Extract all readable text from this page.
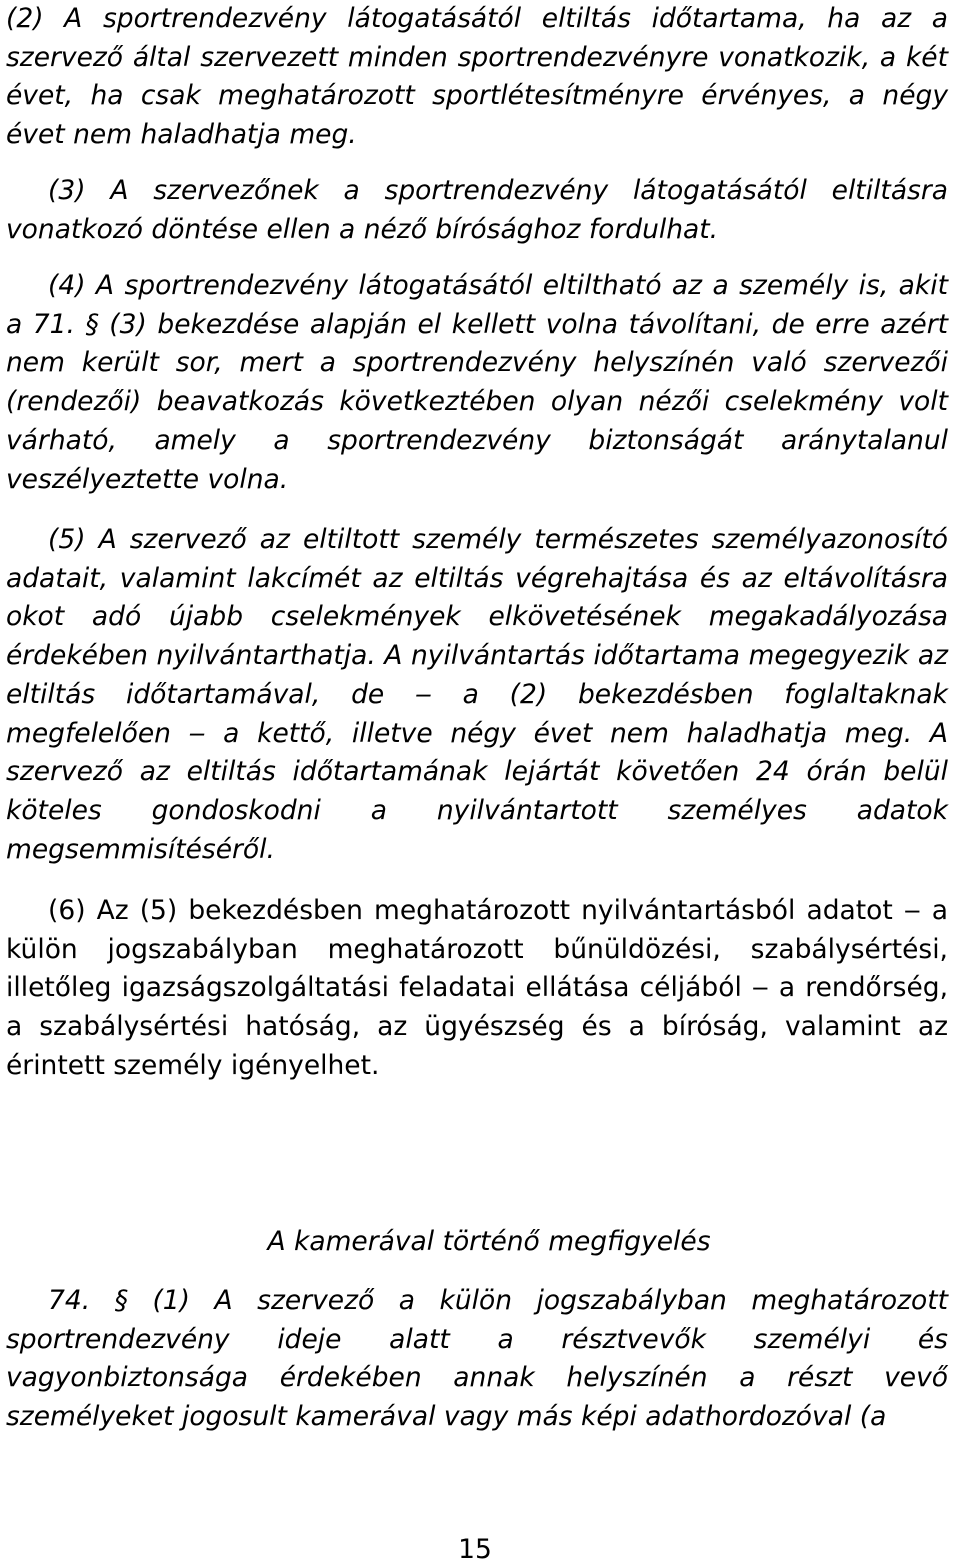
(2) A sportrendezvény látogatásától eltiltás időtartama, ha az a szervező által szervezett minden sportrendezvényre vonatkozik, a két évet, ha csak meghatározott sportlétesítményre érvényes, a négy évet nem haladhatja meg.

(3) A szervezőnek a sportrendezvény látogatásától eltiltásra vonatkozó döntése ellen a néző bírósághoz fordulhat.

(4) A sportrendezvény látogatásától eltiltható az a személy is, akit a 71. § (3) bekezdése alapján el kellett volna távolítani, de erre azért nem került sor, mert a sportrendezvény helyszínén való szervezői (rendezői) beavatkozás következtében olyan nézői cselekmény volt várható, amely a sportrendezvény biztonságát aránytalanul veszélyeztette volna.

(5) A szervező az eltiltott személy természetes személyazonosító adatait, valamint lakcímét az eltiltás végrehajtása és az eltávolításra okot adó újabb cselekmények elkövetésének megakadályozása érdekében nyilvántarthatja. A nyilvántartás időtartama megegyezik az eltiltás időtartamával, de ‒ a (2) bekezdésben foglaltaknak megfelelően ‒ a kettő, illetve négy évet nem haladhatja meg. A szervező az eltiltás időtartamának lejártát követően 24 órán belül köteles gondoskodni a nyilvántartott személyes adatok megsemmisítéséről.

(6) Az (5) bekezdésben meghatározott nyilvántartásból adatot ‒ a külön jogszabályban meghatározott bűnüldözési, szabálysértési, illetőleg igazságszolgáltatási feladatai ellátása céljából ‒ a rendőrség, a szabálysértési hatóság, az ügyészség és a bíróság, valamint az érintett személy igényelhet.

A kamerával történő megfigyelés

74. § (1) A szervező a külön jogszabályban meghatározott sportrendezvény ideje alatt a résztvevők személyi és vagyonbiztonsága érdekében annak helyszínén a részt vevő személyeket jogosult kamerával vagy más képi adathordozóval (a

15
